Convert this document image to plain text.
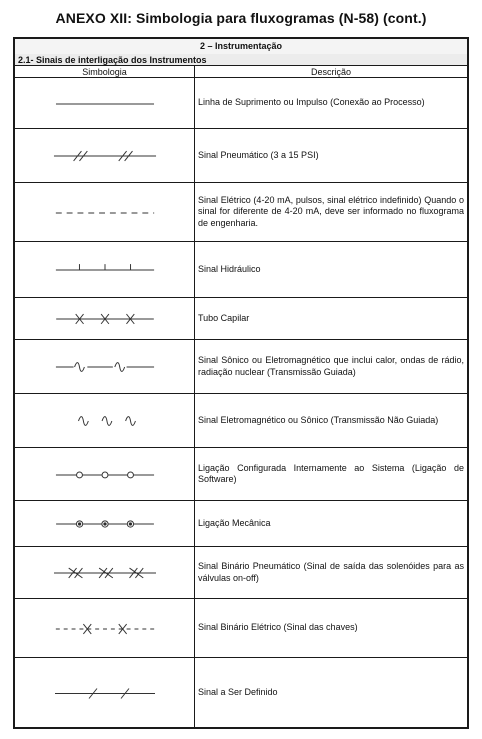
ANEXO XII: Simbologia para fluxogramas (N-58) (cont.)
2 – Instrumentação
2.1- Sinais de interligação dos Instrumentos
Simbologia	Descrição
Linha de Suprimento ou Impulso (Conexão ao Processo)
Sinal Pneumático (3 a 15 PSI)
Sinal Elétrico (4-20 mA, pulsos, sinal elétrico indefinido) Quando o sinal for diferente de 4-20 mA, deve ser informado no fluxograma de engenharia.
Sinal Hidráulico
Tubo Capilar
Sinal Sônico ou Eletromagnético que inclui calor, ondas de rádio, radiação nuclear (Transmissão Guiada)
Sinal Eletromagnético ou Sônico (Transmissão Não Guiada)
Ligação Configurada Internamente ao Sistema (Ligação de Software)
Ligação Mecânica
Sinal Binário Pneumático (Sinal de saída das solenóides para as válvulas on-off)
Sinal Binário Elétrico (Sinal das chaves)
Sinal a Ser Definido
